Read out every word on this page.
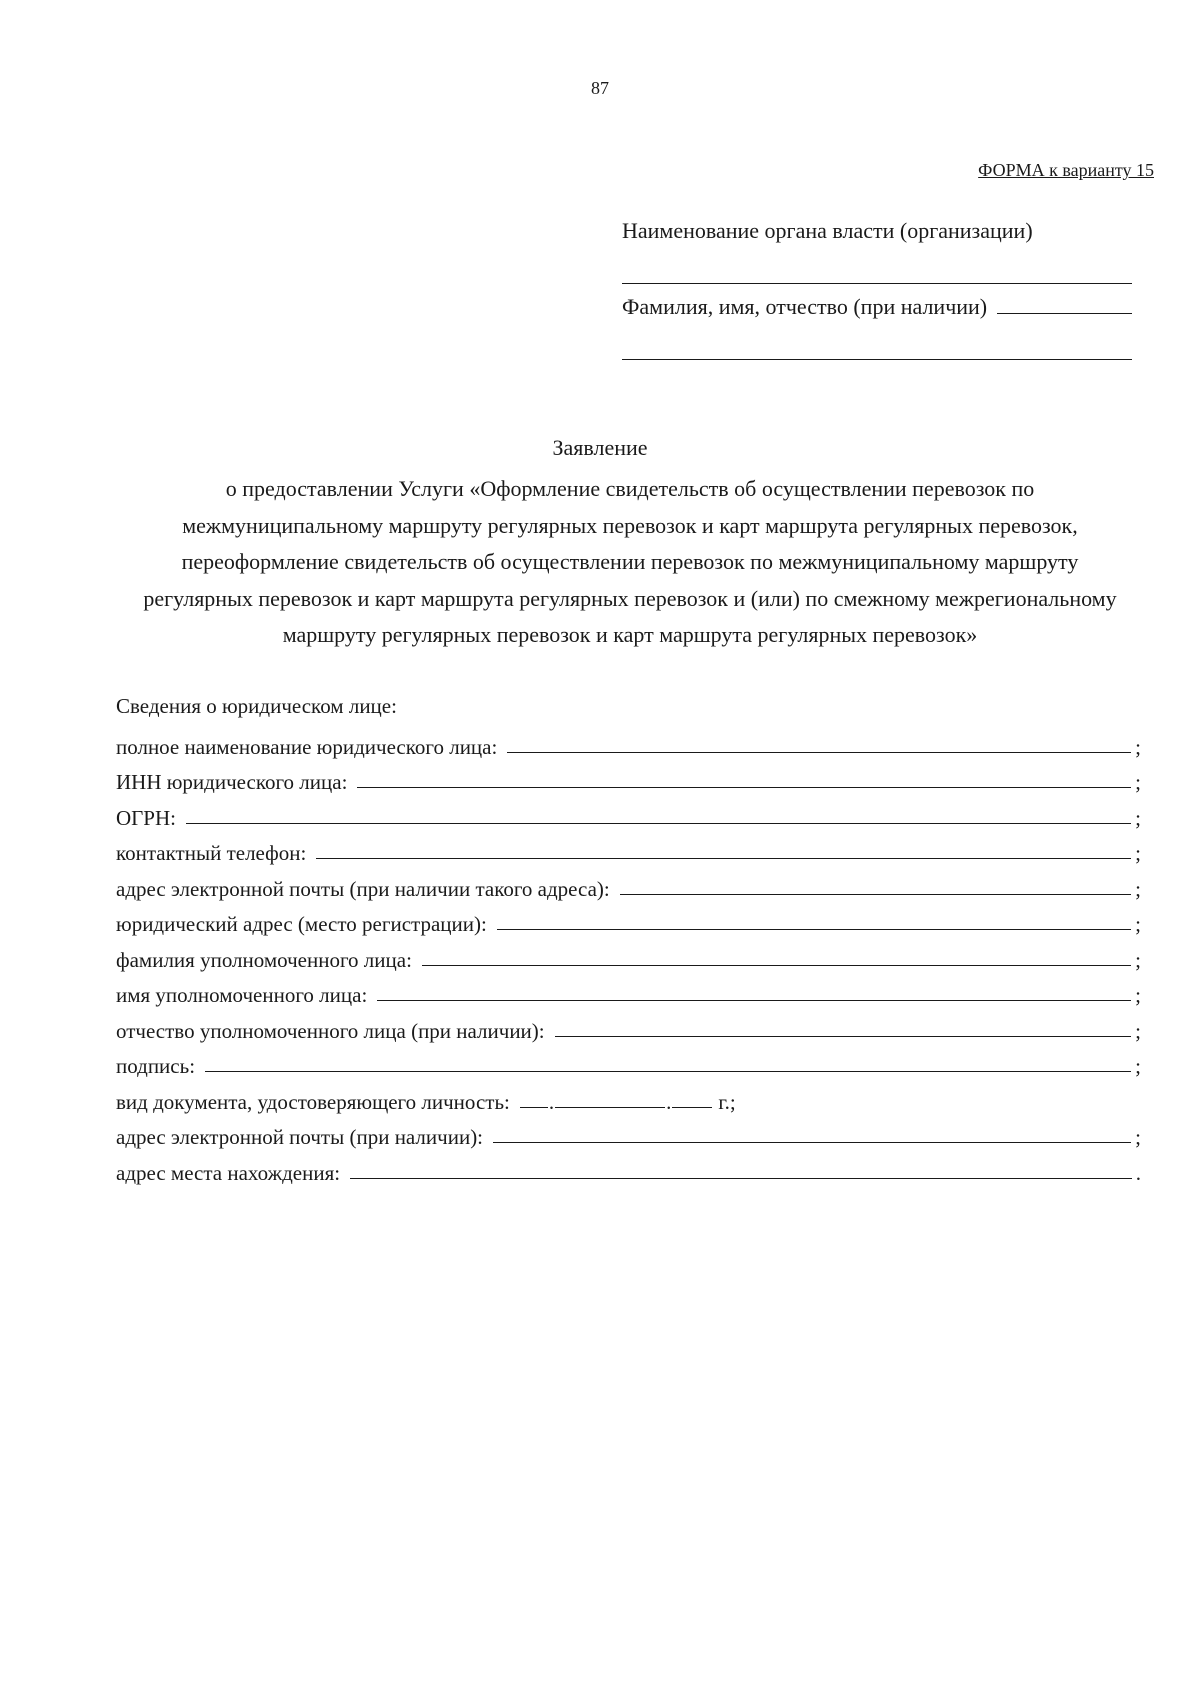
87
ФОРМА к варианту 15
Наименование органа власти (организации)
Фамилия, имя, отчество (при наличии)
Заявление
о предоставлении Услуги «Оформление свидетельств об осуществлении перевозок по межмуниципальному маршруту регулярных перевозок и карт маршрута регулярных перевозок, переоформление свидетельств об осуществлении перевозок по межмуниципальному маршруту регулярных перевозок и карт маршрута регулярных перевозок и (или) по смежному межрегиональному маршруту регулярных перевозок и карт маршрута регулярных перевозок»
Сведения о юридическом лице:
полное наименование юридического лица:	;
ИНН юридического лица:	;
ОГРН:	;
контактный телефон:	;
адрес электронной почты (при наличии такого адреса):	;
юридический адрес (место регистрации):	;
фамилия уполномоченного лица:	;
имя уполномоченного лица:	;
отчество уполномоченного лица (при наличии):	;
подпись:	;
вид документа, удостоверяющего личность:	.	. г.;
адрес электронной почты (при наличии):	;
адрес места нахождения:	.
